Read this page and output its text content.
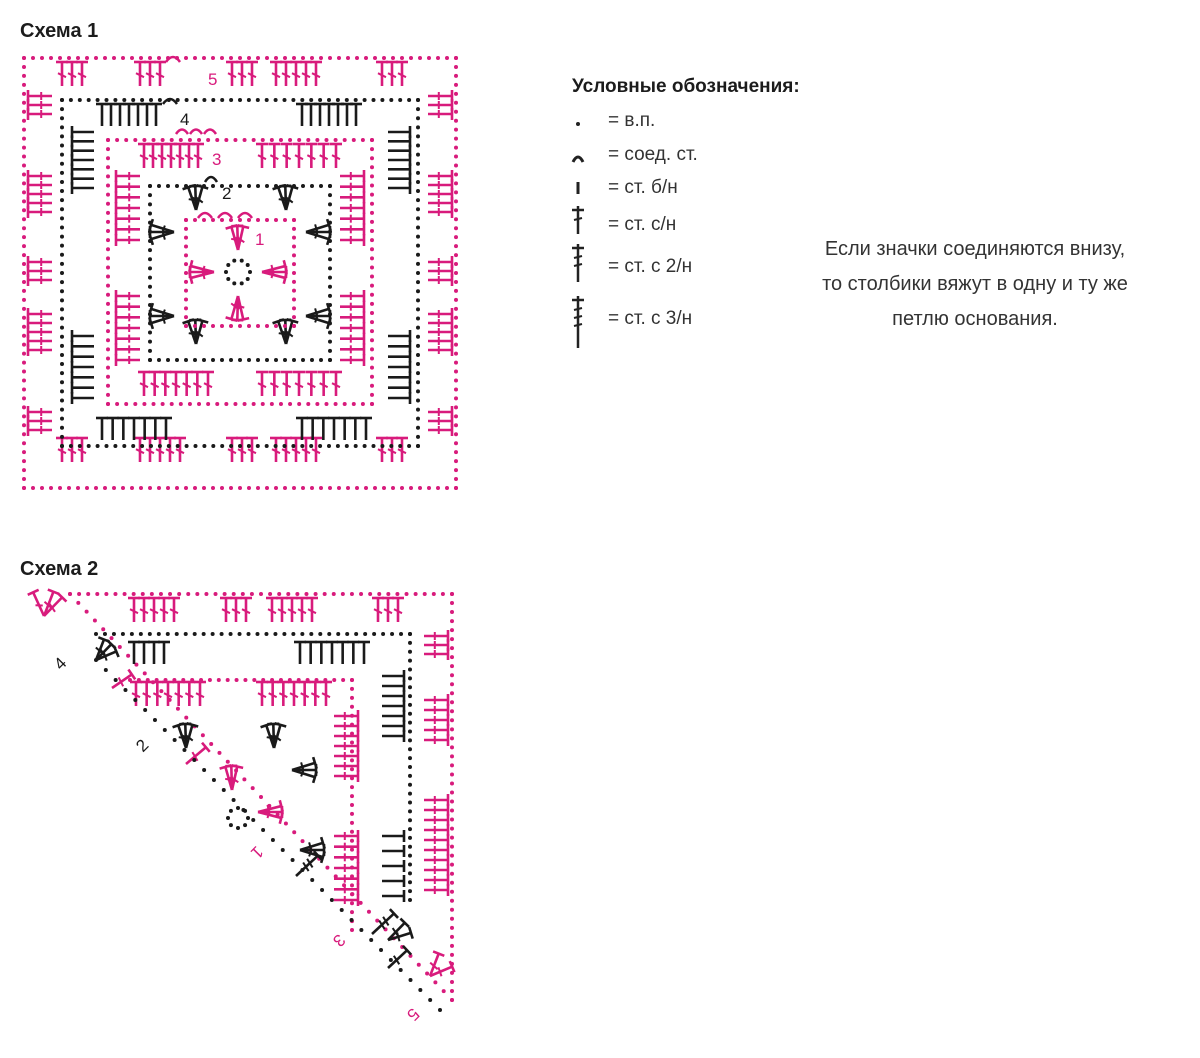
Схема 1
Схема 2
Условные обозначения:
= в.п.
= соед. ст.
= ст. б/н
= ст. с/н
= ст. с 2/н
= ст. с 3/н
Если значки соединяются внизу,
то столбики вяжут в одну и ту же
петлю основания.
5
4
3
2
1
4
2
1
3
5
